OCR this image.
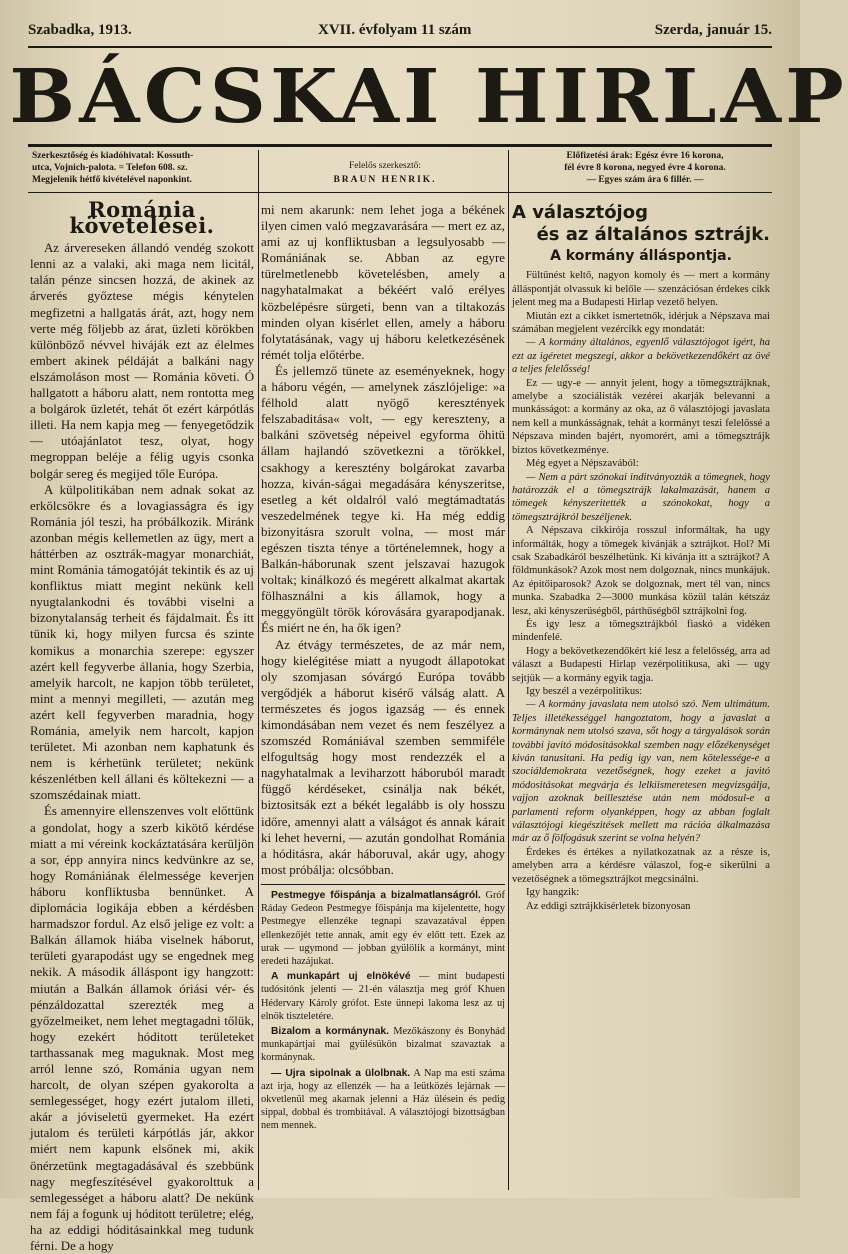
Szabadka, 1913.	XVII. évfolyam 11 szám	Szerda, január 15.
BÁCSKAI HIRLAP
Szerkesztőség és kiadóhivatal: Kossuth-
utca, Vojnich-palota. = Telefon 608. sz.
Megjelenik hétfő kivételével naponkint.
Felelős szerkesztő:
BRAUN HENRIK.
Előfizetési árak: Egész évre 16 korona,
fél évre 8 korona, negyed évre 4 korona.
— Egyes szám ára 6 fillér. —
Románia követelései.

Az árvereseken állandó vendég szokott lenni az a valaki, aki magа nem licitál, talán pénze sincsen hozzá, de akinek az árverés győztese mégis kénytelen megfizetni a hallgatás árát, azt, hogy nem verte még följebb az árat, üzleti körökben különböző névvel hiváják ezt az élelmes embert akinek példáját a balkáni nagy elszámoláson most — Románia követi. Ó hallgatott a háboru alatt, nem rontotta meg a bolgárok üzletét, tehát őt ezért kárpótlás illeti. Ha nem kapja meg — fenyegetődzik — utóajánlatot tesz, olyat, hogy megroppan beléje a félig ugyis csonka bolgár sereg és megijed tőle Európa.

A külpolitikában nem adnak sokat az erkölcsökre és a lovagiasságra és igy Románia jól teszi, ha próbálkozik. Miránk azonban mégis kellemetlen az ügy, mert a háttérben az osztrák-magyar monarchiát, mint Románia támogatóját tekintik és az uj konfliktus miatt megint nekünk kell nyugtalankodni és további viselni a bizonytalanság terheit és fájdalmait. És itt tünik ki, hogy milyen furcsa és szinte komikus a monarchia szerepe: egyszer azért kell fegyverbe állania, hogy Szerbia, amelyik harcolt, ne kapjon több területet, mint a mennyi megilleti, — azután meg azért kell fegyverben maradnia, hogy Románia, amelyik nem harcolt, kapjon területet. Mi azonban nem kaphatunk és nem is kérhetünk területet; nekünk készenlétben kell állani és költekezni — a szomszédainak miatt.

És amennyire ellenszenves volt előttünk a gondolat, hogy a szerb kikötő kérdése miatt a mi véreink kockáztatására kerüljön a sor, épp annyira nincs kedvünkre az se, hogy Romániának élelmessége keverjen háboru konfliktusba bennünket. A diplomácia logikája ebben a kérdésben harmadszor fordul. Az első jelige ez volt: a Balkán államok hiába viselnek háborut, területi gyarapodást ugy se engednek meg nekik. A második álláspont igy hangzott: miután a Balkán államok óriási vér- és pénzáldozattal szerezték meg a győzelmeiket, nem lehet megtagadni tőlük, hogy ezekért hóditott területeket tarthassanak meg maguknak. Most meg arról lenne szó, Románia ugyan nem harcolt, de olyan szépen gyakorolta a semlegességet, hogy ezért jutalom illeti, akár a jóviseletü gyermeket. Ha ezért jutalom és területi kárpótlás jár, akkor miért nem kapunk elsőnek mi, akik önérzetünk megtagadásával és szebbünk nagy megfeszítésével gyakorolttuk a semlegességet a háboru alatt? De nekünk nem fáj a fogunk uj hóditott területre; elég, ha az eddigi hóditásainkkal meg tudunk férni. De a hogy

mi nem akarunk: nem lehet joga a békének ilyen cimen való megzavarására — mert ez az, ami az uj konfliktusban a legsulyosabb — Romániának se. Abban az egyre türelmetlenebb követelésben, amely a nagyhatalmakat a békéért való erélyes közbelépésre sürgeti, benn van a tiltakozás minden olyan kisérlet ellen, amely a háboru folytatásának, vagy uj háboru keletkezésének rémét tolja előtérbe.

És jellemző tünete az eseményeknek, hogy a háboru végén, — amelynek zászlójelige: »a félhold alatt nyögő keresztények felszabaditása« volt, — egy kereszteny, a balkáni szövetség népeivel egyforma öhitü állam hajlandó szövetkezni a törökkel, csakhogy a keresztény bolgárokat zavarba hozza, kiván-ságai megadására kényszeritse, esetleg a két oldalról való megtámadtatás veszedelmének tegye ki. Ha még eddig bizonyitásra szorult volna, — most már egészen tiszta ténye a történelemnek, hogy a Balkán-háborunak szent jelszavai hazugok voltak; kinálkozó és megérett alkalmat akartak fölhasználni a kis államok, hogy a meggyöngült török kórovására gyarapodjanak. És miért ne én, ha ők igen?

Az étvágy természetes, de az már nem, hogy kielégitése miatt a nyugodt állapotokat oly szomjasan sóvárgó Európa tovább vergődjék a háborut kisérő válság alatt. A természetes és jogos igazság — és ennek kimondásában nem vezet és nem feszélyez a szomszéd Romániával szemben semmiféle elfogultság hogy most rendezzék el a nagyhatalmak a leviharzott háboruból maradt függő kérdéseket, csinálja nak békét, biztositsák ezt a békét legalább is oly hosszu időre, amennyi alatt a válságot és annak kárait ki lehet heverni, — azután gondolhat Románia a hóditásra, akár háboruval, akár ugy, ahogy most próbálja: olcsóbban.

Pestmegye főispánja a bizalmatlanságról. Gróf Ráday Gedeon Pestmegye főispánja ma kijelentette, hogy Pestmegye ellenzéke tegnapi szavazatával éppen ellenkezőjét tette annak, amit egy év előtt tett. Ezek az urak — ugymond — jobban gyülölik a kormányt, mint eredeti hazájukat.

A munkapárt uj elnökévé — mint budapesti tudósitónk jelenti — 21-én választja meg gróf Khuen Hédervary Károly grófot. Este ünnepi lakoma lesz az uj elnök tiszteletére.

Bizalom a kormánynak. Mezőkászony és Bonyhád munkapártjai mai gyülésükön bizalmat szavaztak a kormánynak.

— Ujra sipolnak a ülolbnak. A Nap ma esti számа azt irja, hogy az ellenzék — ha a leütközés lejárnak — okvetlenül meg akarnak jelenni a Ház ülésein és pedig sippal, dobbal és trombitával. A választójogi bizottságban nem mennek.

A választójog
és az általános sztrájk.
A kormány álláspontja.

Fültűnést keltő, nagyon komoly és — mert a kormány álláspontját olvassuk ki belőle — szenzációsan érdekes cikk jelent meg ma a Budapesti Hirlap vezető helyen.

Miután ezt a cikket ismertetnők, idérjuk a Népszava mai számában megjelent vezércikk egy mondatát:

— A kormány általános, egyenlő választójogot igért, ha ezt az igéretet megszegi, akkor a bekövetkezendőkért az övé a teljes felelősség!

Ez — ugy-e — annyit jelent, hogy a tömegsztrájknak, amelybe a szociálisták vezérei akarják belevanni a munkásságot: a kormány az oka, az ő választójogi javaslata nem kell a munkásságnak, tehát a kormányt teszi felelőssé a Népszava minden bajért, nyomorért, ami a tömegsztrájk biztos következménye.

Még egyet a Népszavából:

— Nem a párt szónokai inditványozták a tömegnek, hogy határozzák el a tömegsztrájk lakalmazását, hanem a tömegek kényszeritették a szónokokat, hogy a tömegsztrájkról beszéljenek.

A Népszava cikkirója rosszul informáltak, ha ugy informálták, hogy a tömegek kivánják a sztrájkot. Hol? Mi csak Szabadkáról beszélhetünk. Ki kivánja itt a sztrájkot? A földmunkások? Azok most nem dolgoznak, nincs munkájuk. Az épitőiparosok? Azok se dolgoznak, mert tél van, nincs munka. Szabadka 2—3000 munkása közül talán kétszáz lesz, aki kényszerüségből, párthűségből sztrájkolni fog.

És igy lesz a tömegsztrájkból fiaskó a vidéken mindenfelé.

Hogy a bekövetkezendőkért kié lesz a felelősség, arra ad választ a Budapesti Hirlap vezérpolitikusa, aki — ugy sejtjük — a kormány egyik tagja.

Igy beszél a vezérpolitikus:

— A kormány javaslata nem utolsó szó. Nem ultimátum. Teljes illetékességgel hangoztatom, hogy a javaslat a kormánynak nem utolsó szava, sőt hogy a tárgyalások során további javitó módositásokkal szemben nagy előzékenységet kiván tanusitani. Ha pedig igy van, nem kötelessége-e a szociáldemokrata vezetőségnek, hogy ezeket a javitó módositásokat megvárja és lelkiismeretesen megvizsgálja, vajjon azoknak beillesztése után nem módosul-e a parlamenti reform olyanképpen, hogy az abban foglalt választójogi kiegészitések mellett ma rációa álkalmazása már az ő fölfogásuk szerint se volna helyén?

Érdekes és értékes a nyilatkozatnak az a része is, amelyben arra a kérdésre válaszol, fog-e sikerülni a vezetőségnek a tömegsztrájkot megcsinálni.

Igy hangzik:

Az eddigi sztrájkkisérletek bizonyosan
